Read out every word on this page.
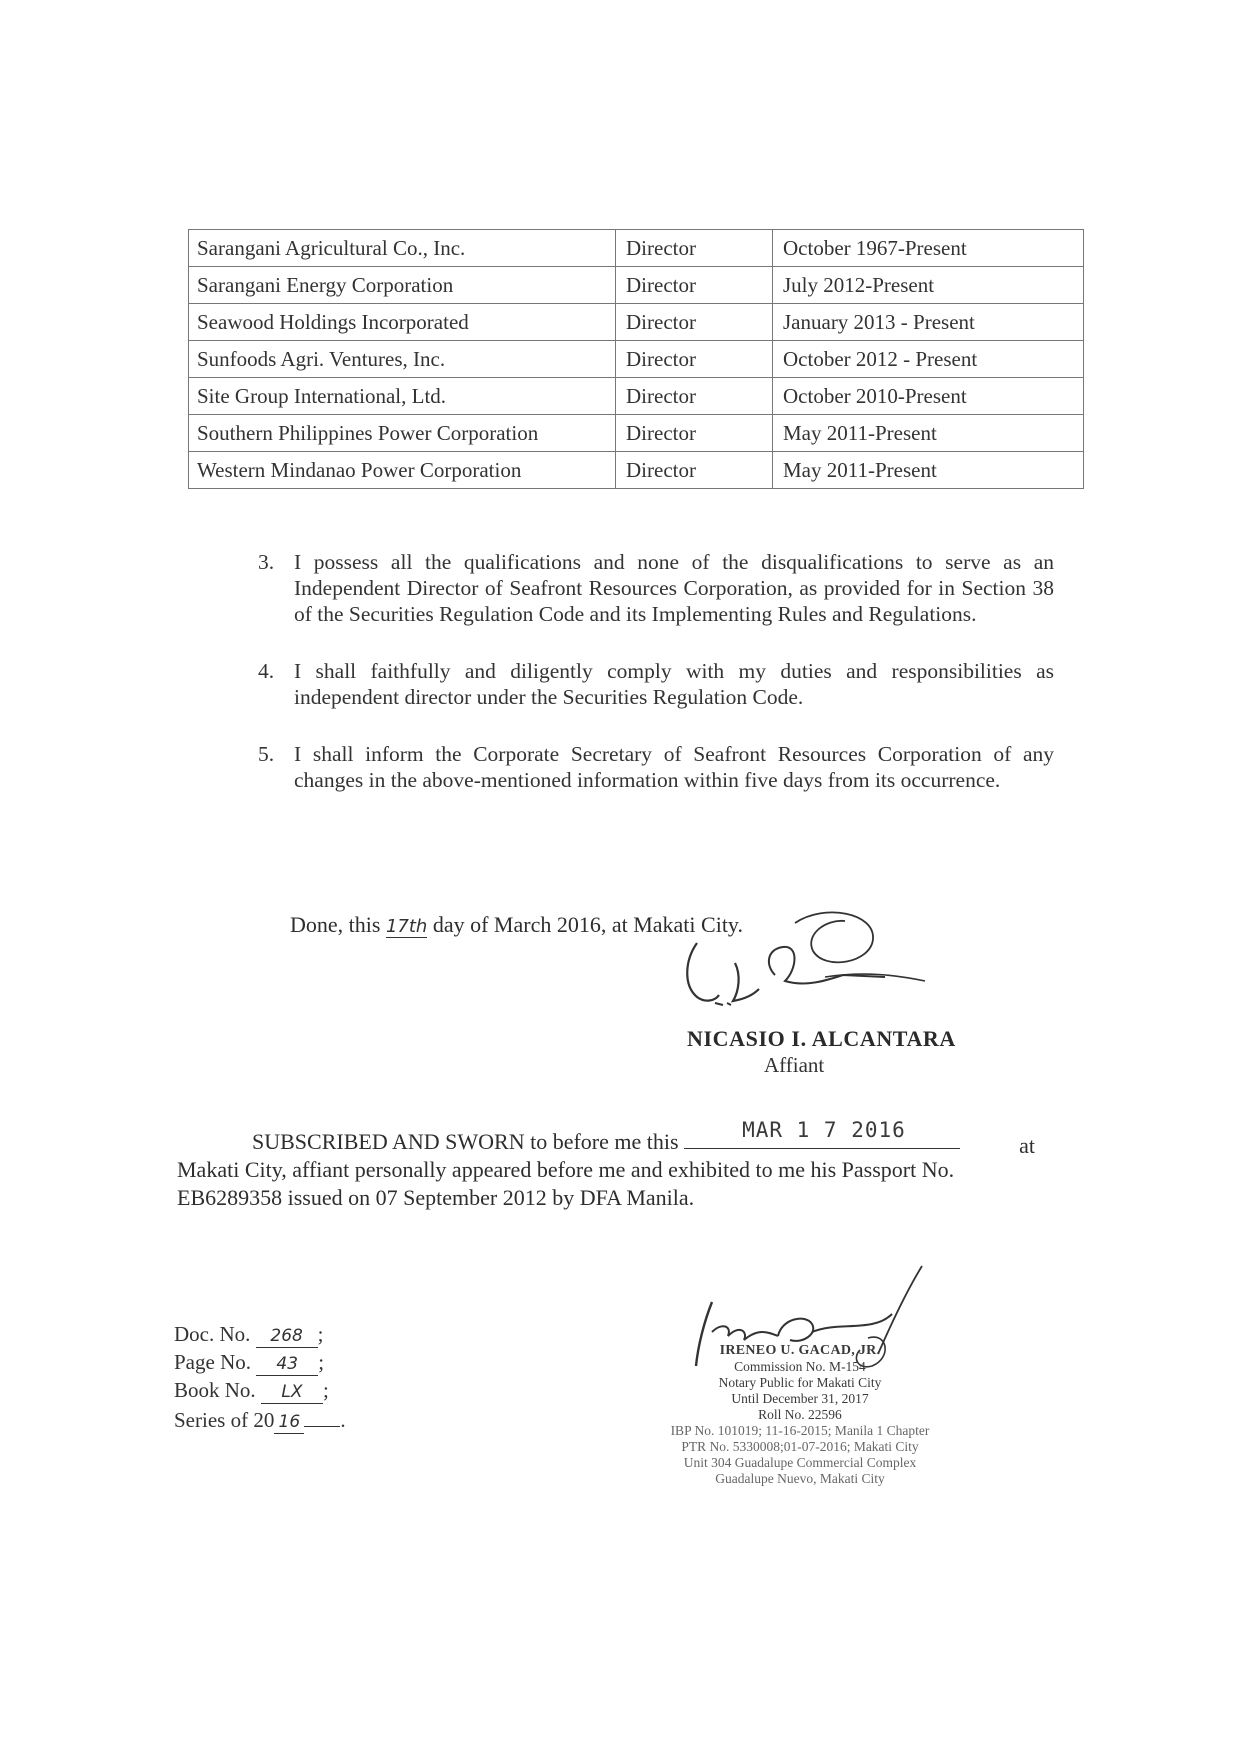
Sarangani Agricultural Co., Inc.	Director	October 1967-Present
Sarangani Energy Corporation	Director	July 2012-Present
Seawood Holdings Incorporated	Director	January 2013 - Present
Sunfoods Agri. Ventures, Inc.	Director	October 2012 - Present
Site Group International, Ltd.	Director	October 2010-Present
Southern Philippines Power Corporation	Director	May 2011-Present
Western Mindanao Power Corporation	Director	May 2011-Present
3. I possess all the qualifications and none of the disqualifications to serve as an Independent Director of Seafront Resources Corporation, as provided for in Section 38 of the Securities Regulation Code and its Implementing Rules and Regulations.
4. I shall faithfully and diligently comply with my duties and responsibilities as independent director under the Securities Regulation Code.
5. I shall inform the Corporate Secretary of Seafront Resources Corporation of any changes in the above-mentioned information within five days from its occurrence.
Done, this 17th day of March 2016, at Makati City.
NICASIO I. ALCANTARA
Affiant
SUBSCRIBED AND SWORN to before me this	MAR 1 7 2016
at
Makati City, affiant personally appeared before me and exhibited to me his Passport No. EB6289358 issued on 07 September 2012 by DFA Manila.
Doc. No. 268 ;
Page No. 43 ;
Book No. LX ;
Series of 20 16 .
IRENEO U. GACAD, JR.
Commission No. M-154
Notary Public for Makati City
Until December 31, 2017
Roll No. 22596
IBP No. 101019; 11-16-2015; Manila 1 Chapter
PTR No. 5330008;01-07-2016; Makati City
Unit 304 Guadalupe Commercial Complex
Guadalupe Nuevo, Makati City
